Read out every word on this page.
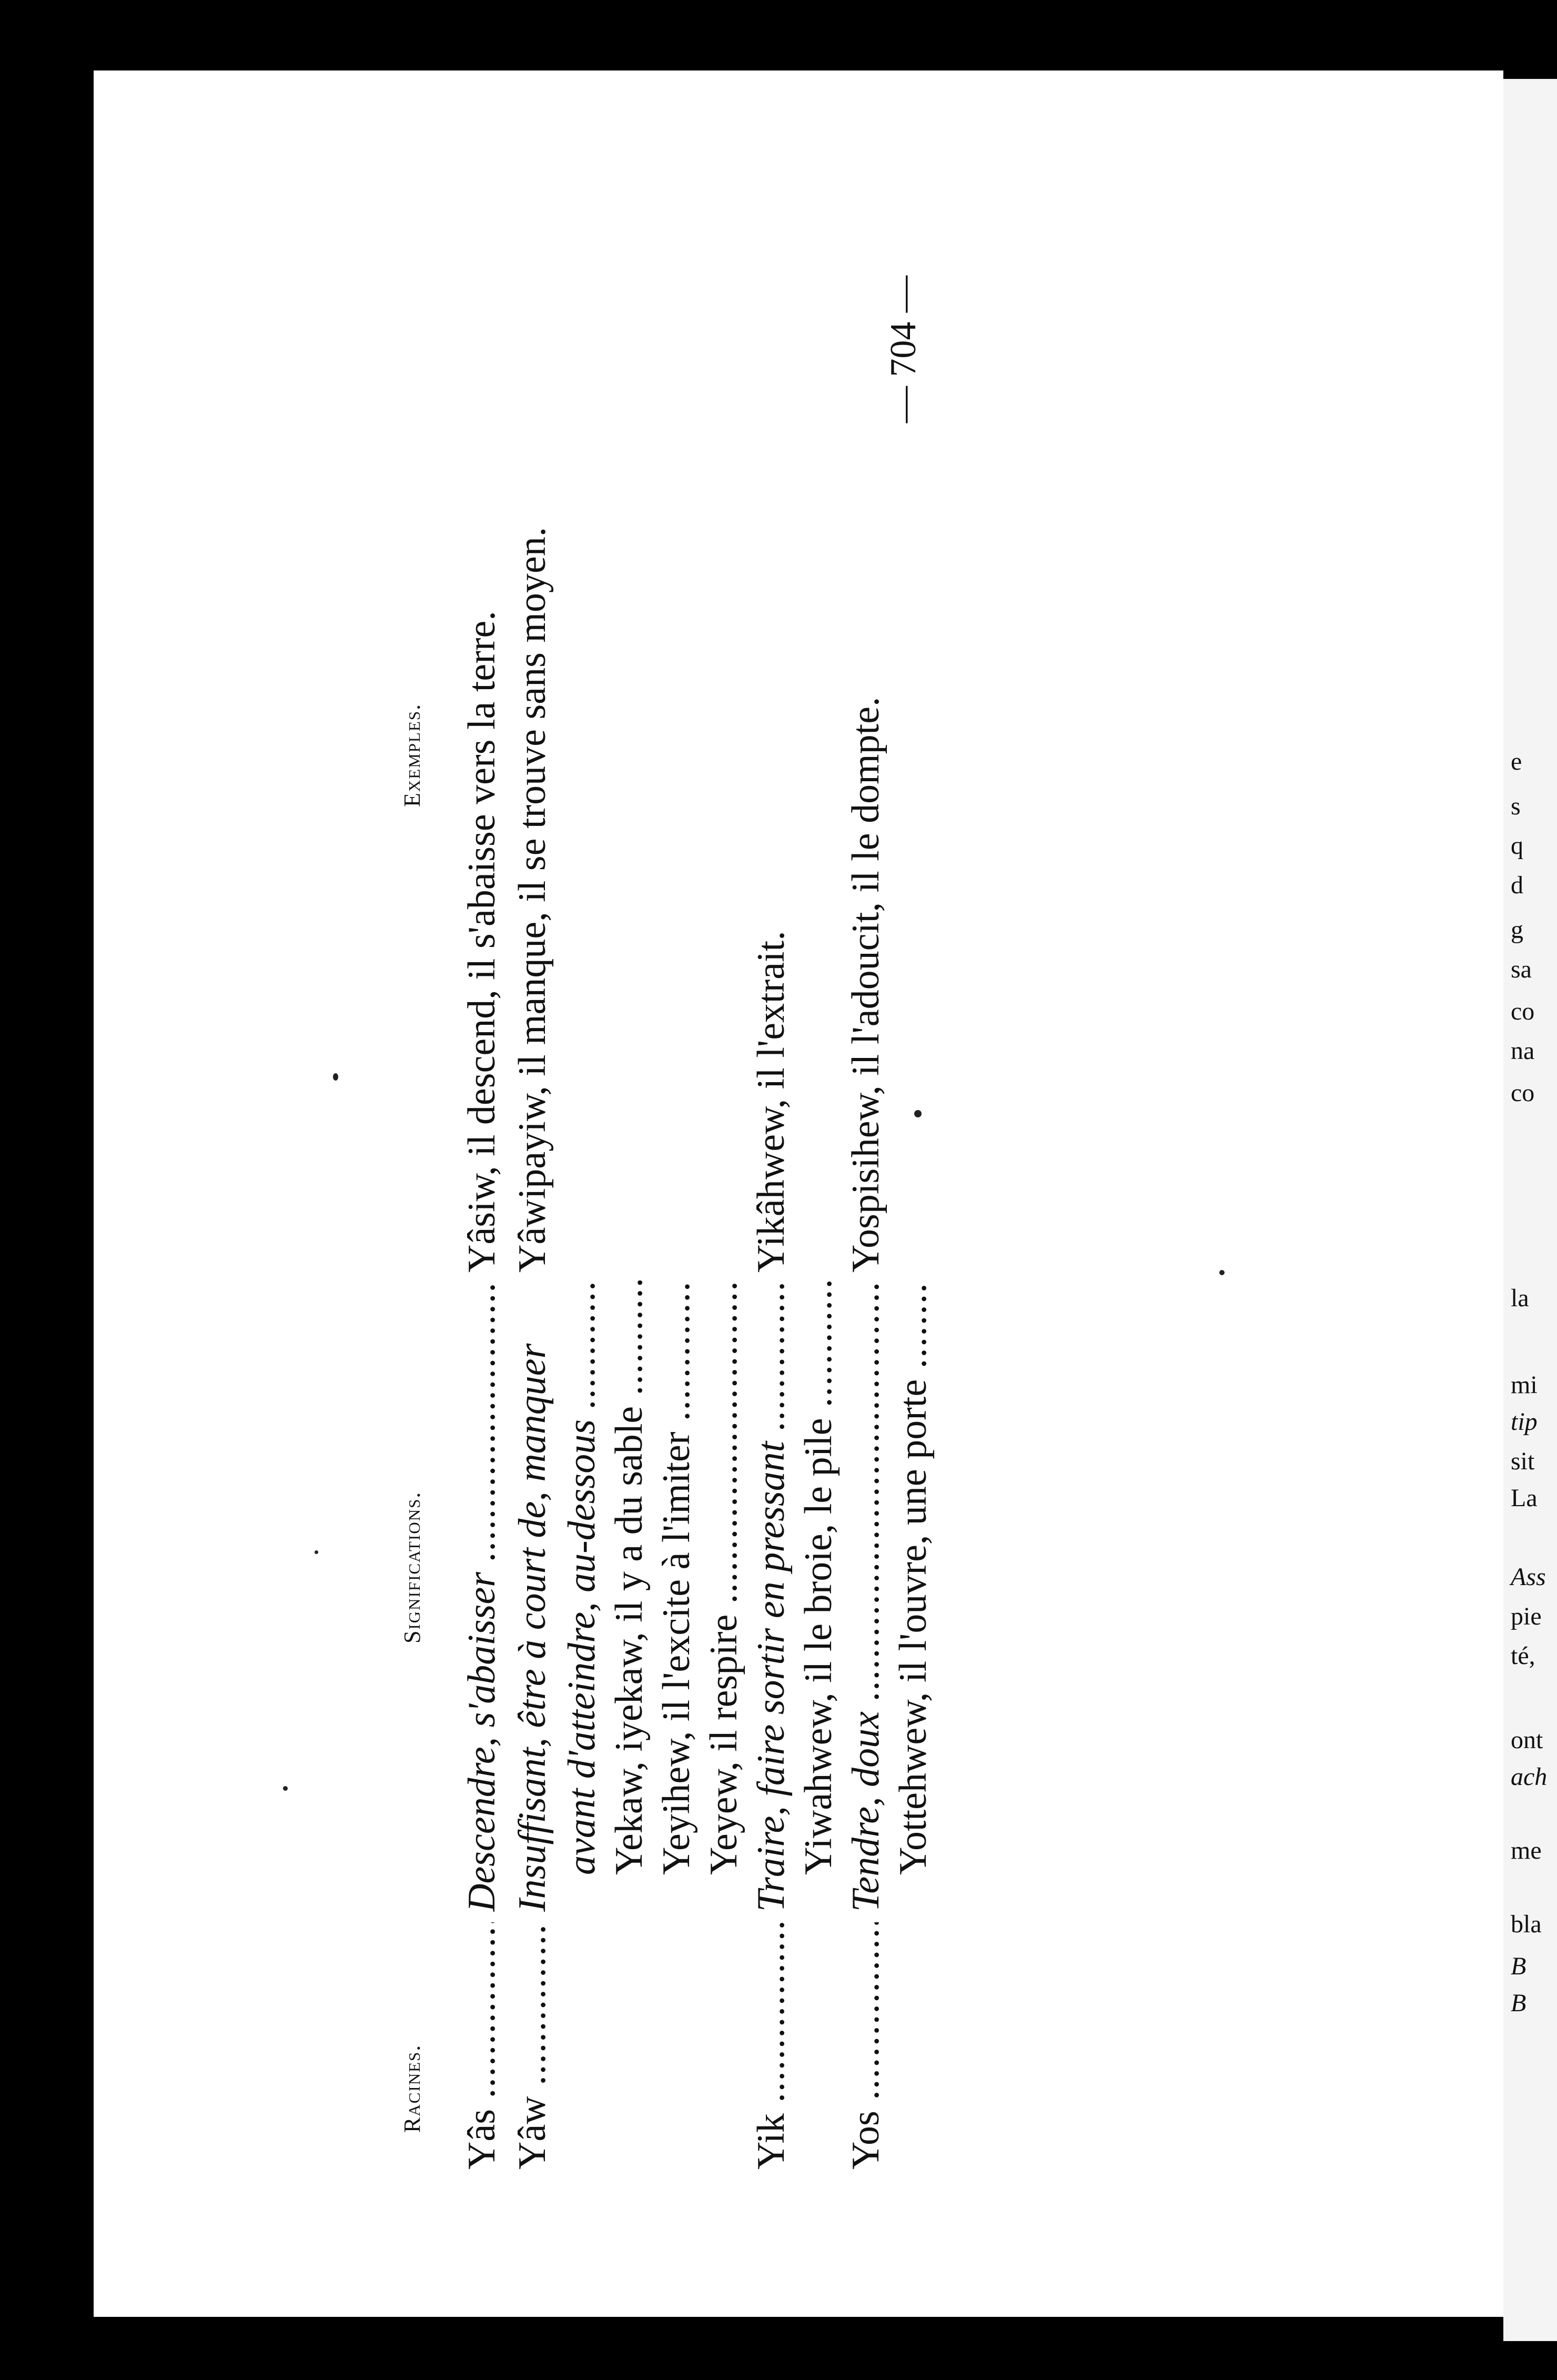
— 704 —
Racines.
Significations.
Exemples.
Yâs .....
Descendre, s'abaisser .....
Yâsiw, il descend, il s'abaisse vers la terre.
Yâw .....
Insuffisant, être à court de, manquer
Yâwipayiw, il manque, il se trouve sans moyen.
avant d'atteindre, au-dessous ..... Yekaw, iyekaw, il y a du sable ..... Yeyihew, il l'excite à l'imiter ..... Yeyew, il respire .....
Yik .....
Traire, faire sortir en pressant .....
Yikâhwew, il l'extrait.
Yiwahwew, il le broie, le pile .....
Yos .....
Tendre, doux .....
Yospisihew, il l'adoucit, il le dompte.
Yottehwew, il l'ouvre, une porte .....
e
s
q
d
g
sa
co
na
co
la
mi
tip
sit
La
Ass
pie
té,
ont
ach
me
bla
B
B
